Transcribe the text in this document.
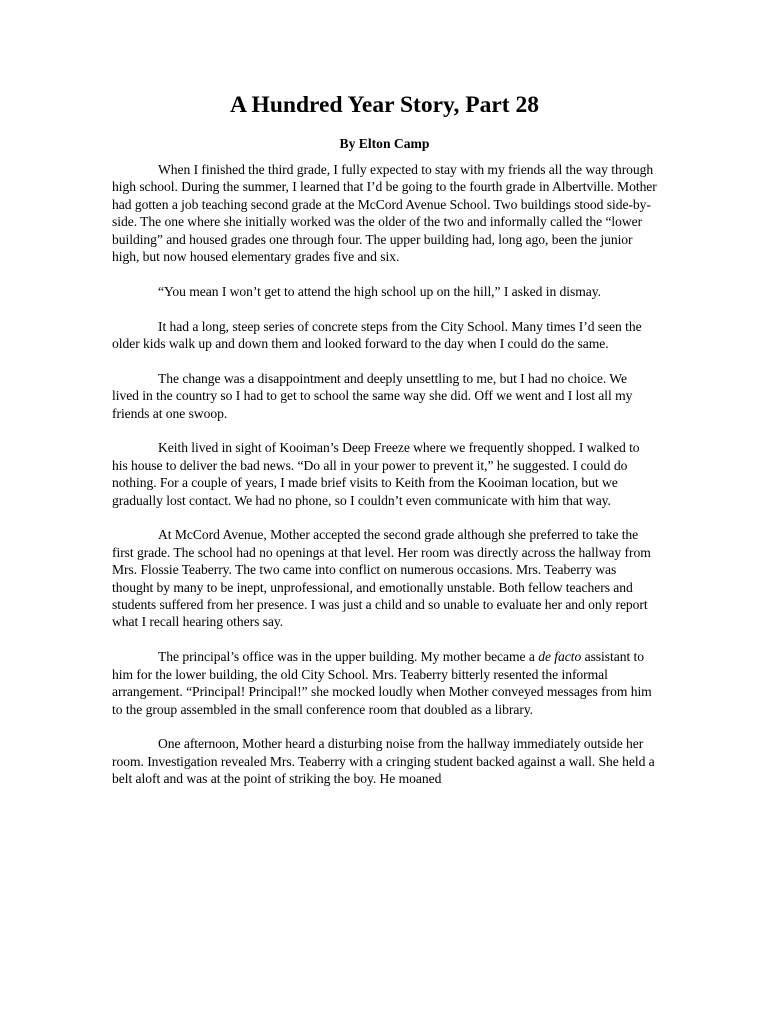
A Hundred Year Story, Part 28
By Elton Camp

When I finished the third grade, I fully expected to stay with my friends all the way through high school. During the summer, I learned that I’d be going to the fourth grade in Albertville. Mother had gotten a job teaching second grade at the McCord Avenue School. Two buildings stood side-by-side. The one where she initially worked was the older of the two and informally called the “lower building” and housed grades one through four. The upper building had, long ago, been the junior high, but now housed elementary grades five and six.

“You mean I won’t get to attend the high school up on the hill,” I asked in dismay.

It had a long, steep series of concrete steps from the City School. Many times I’d seen the older kids walk up and down them and looked forward to the day when I could do the same.

The change was a disappointment and deeply unsettling to me, but I had no choice. We lived in the country so I had to get to school the same way she did. Off we went and I lost all my friends at one swoop.

Keith lived in sight of Kooiman’s Deep Freeze where we frequently shopped. I walked to his house to deliver the bad news. “Do all in your power to prevent it,” he suggested. I could do nothing. For a couple of years, I made brief visits to Keith from the Kooiman location, but we gradually lost contact. We had no phone, so I couldn’t even communicate with him that way.

At McCord Avenue, Mother accepted the second grade although she preferred to take the first grade. The school had no openings at that level. Her room was directly across the hallway from Mrs. Flossie Teaberry. The two came into conflict on numerous occasions. Mrs. Teaberry was thought by many to be inept, unprofessional, and emotionally unstable. Both fellow teachers and students suffered from her presence. I was just a child and so unable to evaluate her and only report what I recall hearing others say.

The principal’s office was in the upper building. My mother became a de facto assistant to him for the lower building, the old City School. Mrs. Teaberry bitterly resented the informal arrangement. “Principal! Principal!” she mocked loudly when Mother conveyed messages from him to the group assembled in the small conference room that doubled as a library.

One afternoon, Mother heard a disturbing noise from the hallway immediately outside her room. Investigation revealed Mrs. Teaberry with a cringing student backed against a wall. She held a belt aloft and was at the point of striking the boy. He moaned
